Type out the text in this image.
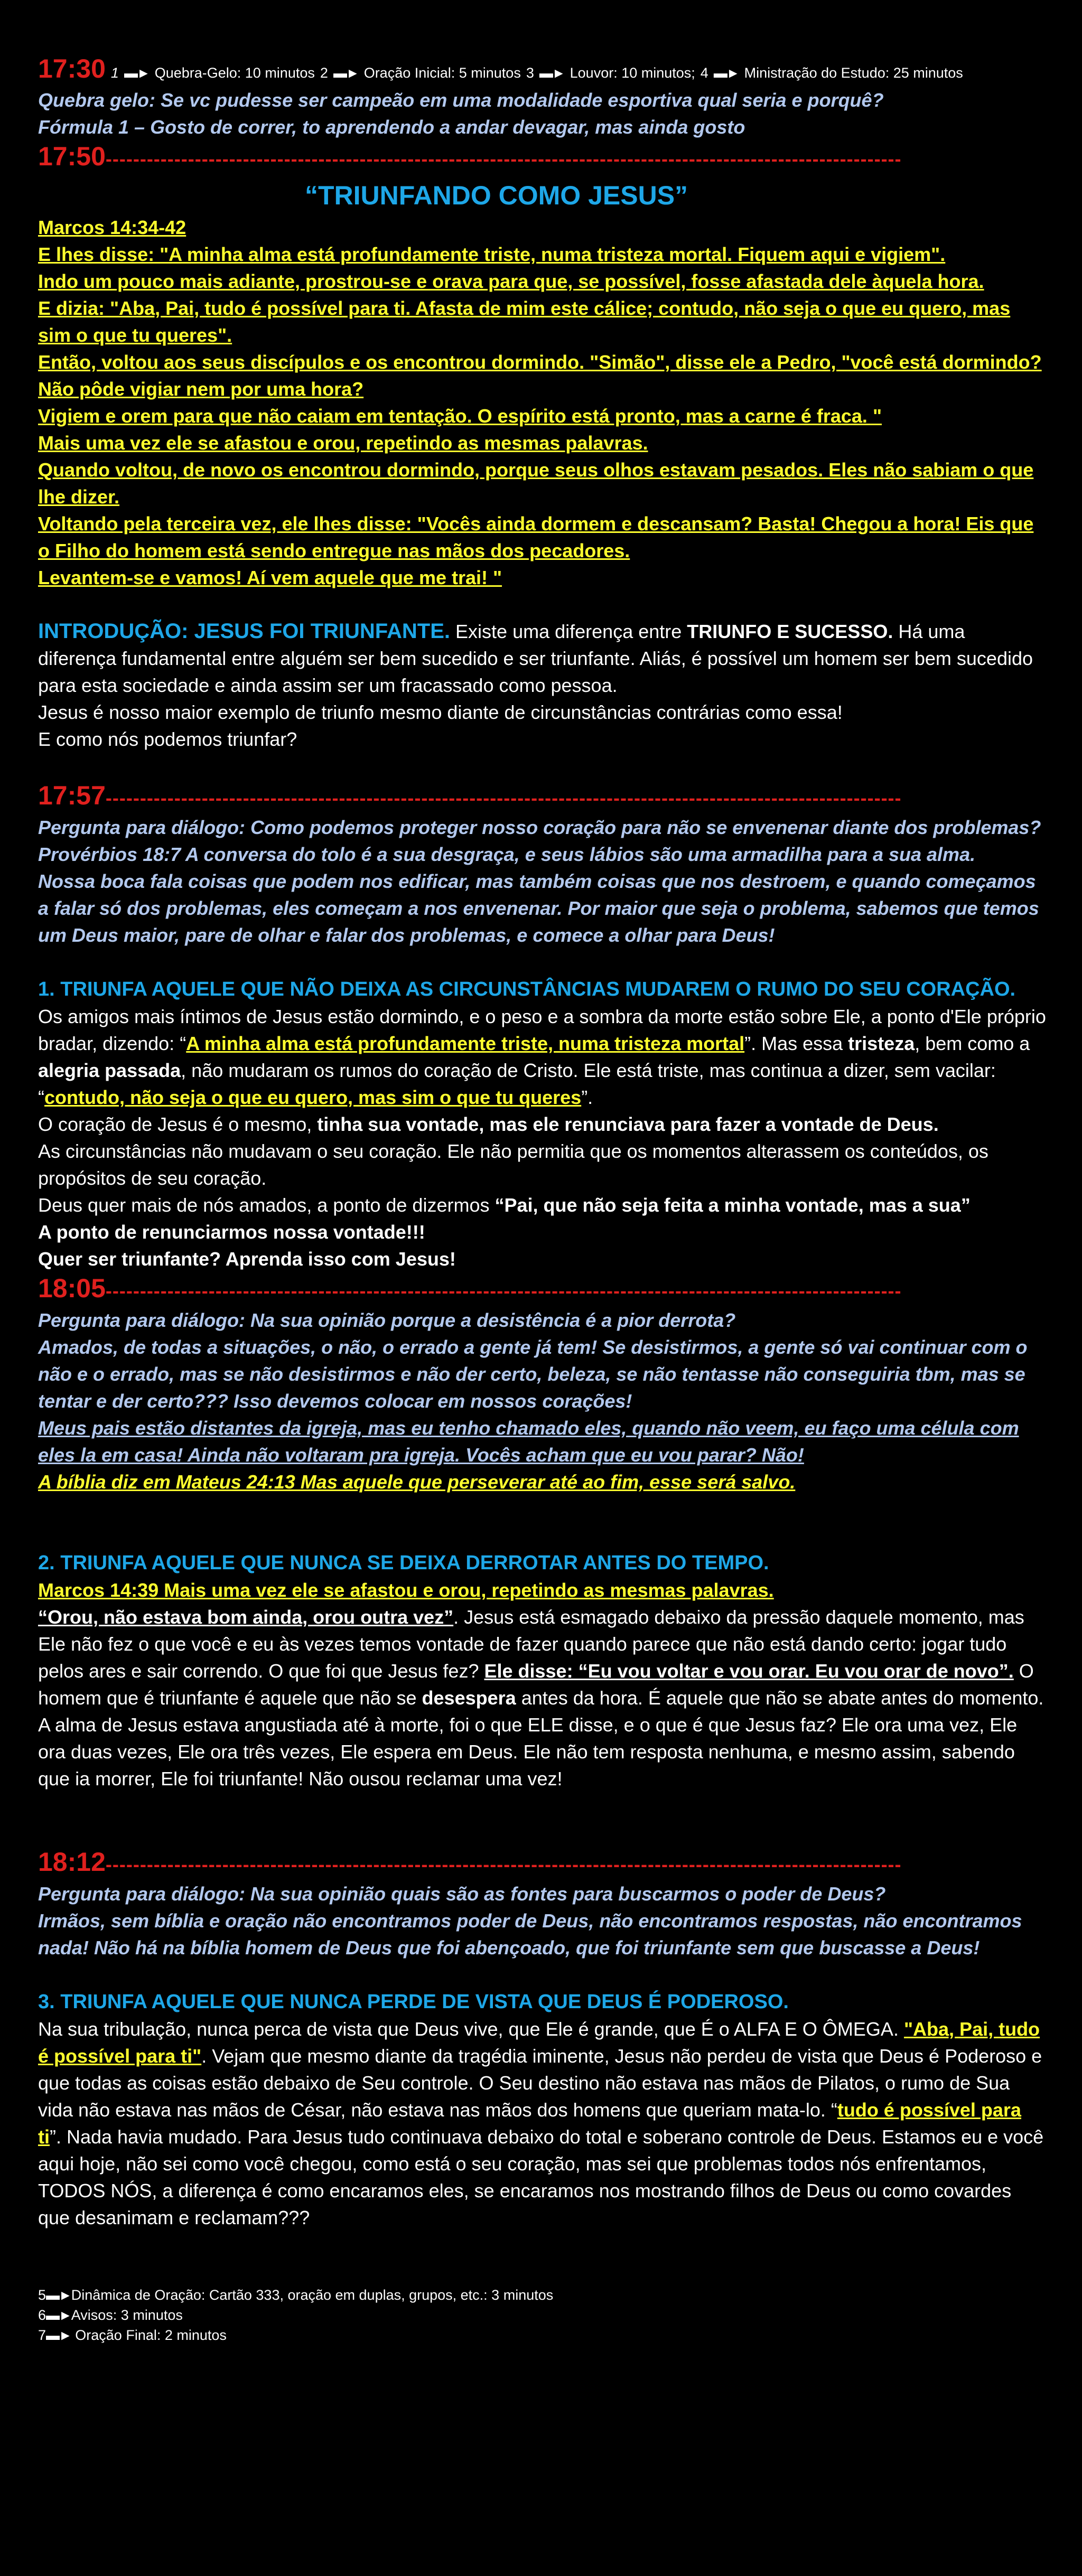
17:30 1 ▬► Quebra-Gelo: 10 minutos 2 ▬► Oração Inicial: 5 minutos 3 ▬► Louvor: 10 minutos; 4 ▬► Ministração do Estudo: 25 minutos

Quebra gelo: Se vc pudesse ser campeão em uma modalidade esportiva qual seria e porquê?

Fórmula 1 – Gosto de correr, to aprendendo a andar devagar, mas ainda gosto

17:50--------------------------------------------------------------------------------------------------------------------

“TRIUNFANDO COMO JESUS”

Marcos 14:34-42

E lhes disse: "A minha alma está profundamente triste, numa tristeza mortal. Fiquem aqui e vigiem".

Indo um pouco mais adiante, prostrou-se e orava para que, se possível, fosse afastada dele àquela hora.

E dizia: "Aba, Pai, tudo é possível para ti. Afasta de mim este cálice; contudo, não seja o que eu quero, mas sim o que tu queres".

Então, voltou aos seus discípulos e os encontrou dormindo. "Simão", disse ele a Pedro, "você está dormindo? Não pôde vigiar nem por uma hora?

Vigiem e orem para que não caiam em tentação. O espírito está pronto, mas a carne é fraca. "

Mais uma vez ele se afastou e orou, repetindo as mesmas palavras.

Quando voltou, de novo os encontrou dormindo, porque seus olhos estavam pesados. Eles não sabiam o que lhe dizer.

Voltando pela terceira vez, ele lhes disse: "Vocês ainda dormem e descansam? Basta! Chegou a hora! Eis que o Filho do homem está sendo entregue nas mãos dos pecadores.

Levantem-se e vamos! Aí vem aquele que me trai! "

INTRODUÇÃO: JESUS FOI TRIUNFANTE. Existe uma diferença entre TRIUNFO E SUCESSO. Há uma diferença fundamental entre alguém ser bem sucedido e ser triunfante. Aliás, é possível um homem ser bem sucedido para esta sociedade e ainda assim ser um fracassado como pessoa.

Jesus é nosso maior exemplo de triunfo mesmo diante de circunstâncias contrárias como essa!

E como nós podemos triunfar?

17:57--------------------------------------------------------------------------------------------------------------------

Pergunta para diálogo: Como podemos proteger nosso coração para não se envenenar diante dos problemas?

Provérbios 18:7 A conversa do tolo é a sua desgraça, e seus lábios são uma armadilha para a sua alma.

Nossa boca fala coisas que podem nos edificar, mas também coisas que nos destroem, e quando começamos a falar só dos problemas, eles começam a nos envenenar. Por maior que seja o problema, sabemos que temos um Deus maior, pare de olhar e falar dos problemas, e comece a olhar para Deus!

1. TRIUNFA AQUELE QUE NÃO DEIXA AS CIRCUNSTÂNCIAS MUDAREM O RUMO DO SEU CORAÇÃO.

Os amigos mais íntimos de Jesus estão dormindo, e o peso e a sombra da morte estão sobre Ele, a ponto d'Ele próprio bradar, dizendo: “A minha alma está profundamente triste, numa tristeza mortal”. Mas essa tristeza, bem como a alegria passada, não mudaram os rumos do coração de Cristo. Ele está triste, mas continua a dizer, sem vacilar: “contudo, não seja o que eu quero, mas sim o que tu queres”.

O coração de Jesus é o mesmo, tinha sua vontade, mas ele renunciava para fazer a vontade de Deus.

As circunstâncias não mudavam o seu coração. Ele não permitia que os momentos alterassem os conteúdos, os propósitos de seu coração.

Deus quer mais de nós amados, a ponto de dizermos “Pai, que não seja feita a minha vontade, mas a sua”

A ponto de renunciarmos nossa vontade!!!

Quer ser triunfante? Aprenda isso com Jesus!

18:05--------------------------------------------------------------------------------------------------------------------

Pergunta para diálogo: Na sua opinião porque a desistência é a pior derrota?

Amados, de todas a situações, o não, o errado a gente já tem! Se desistirmos, a gente só vai continuar com o não e o errado, mas se não desistirmos e não der certo, beleza, se não tentasse não conseguiria tbm, mas se tentar e der certo??? Isso devemos colocar em nossos corações!

Meus pais estão distantes da igreja, mas eu tenho chamado eles, quando não veem, eu faço uma célula com eles la em casa! Ainda não voltaram pra igreja. Vocês acham que eu vou parar? Não!

A bíblia diz em Mateus 24:13 Mas aquele que perseverar até ao fim, esse será salvo.

2. TRIUNFA AQUELE QUE NUNCA SE DEIXA DERROTAR ANTES DO TEMPO.

Marcos 14:39 Mais uma vez ele se afastou e orou, repetindo as mesmas palavras.

“Orou, não estava bom ainda, orou outra vez”. Jesus está esmagado debaixo da pressão daquele momento, mas Ele não fez o que você e eu às vezes temos vontade de fazer quando parece que não está dando certo: jogar tudo pelos ares e sair correndo. O que foi que Jesus fez? Ele disse: “Eu vou voltar e vou orar. Eu vou orar de novo”. O homem que é triunfante é aquele que não se desespera antes da hora. É aquele que não se abate antes do momento. A alma de Jesus estava angustiada até à morte, foi o que ELE disse, e o que é que Jesus faz? Ele ora uma vez, Ele ora duas vezes, Ele ora três vezes, Ele espera em Deus. Ele não tem resposta nenhuma, e mesmo assim, sabendo que ia morrer, Ele foi triunfante! Não ousou reclamar uma vez!

18:12--------------------------------------------------------------------------------------------------------------------

Pergunta para diálogo: Na sua opinião quais são as fontes para buscarmos o poder de Deus?

Irmãos, sem bíblia e oração não encontramos poder de Deus, não encontramos respostas, não encontramos nada! Não há na bíblia homem de Deus que foi abençoado, que foi triunfante sem que buscasse a Deus!

3. TRIUNFA AQUELE QUE NUNCA PERDE DE VISTA QUE DEUS É PODEROSO.

Na sua tribulação, nunca perca de vista que Deus vive, que Ele é grande, que É o ALFA E O ÔMEGA. "Aba, Pai, tudo é possível para ti". Vejam que mesmo diante da tragédia iminente, Jesus não perdeu de vista que Deus é Poderoso e que todas as coisas estão debaixo de Seu controle. O Seu destino não estava nas mãos de Pilatos, o rumo de Sua vida não estava nas mãos de César, não estava nas mãos dos homens que queriam mata-lo. “tudo é possível para ti”. Nada havia mudado. Para Jesus tudo continuava debaixo do total e soberano controle de Deus. Estamos eu e você aqui hoje, não sei como você chegou, como está o seu coração, mas sei que problemas todos nós enfrentamos, TODOS NÓS, a diferença é como encaramos eles, se encaramos nos mostrando filhos de Deus ou como covardes que desanimam e reclamam???

5▬►Dinâmica de Oração: Cartão 333, oração em duplas, grupos, etc.: 3 minutos

6▬►Avisos: 3 minutos

7▬► Oração Final: 2 minutos
